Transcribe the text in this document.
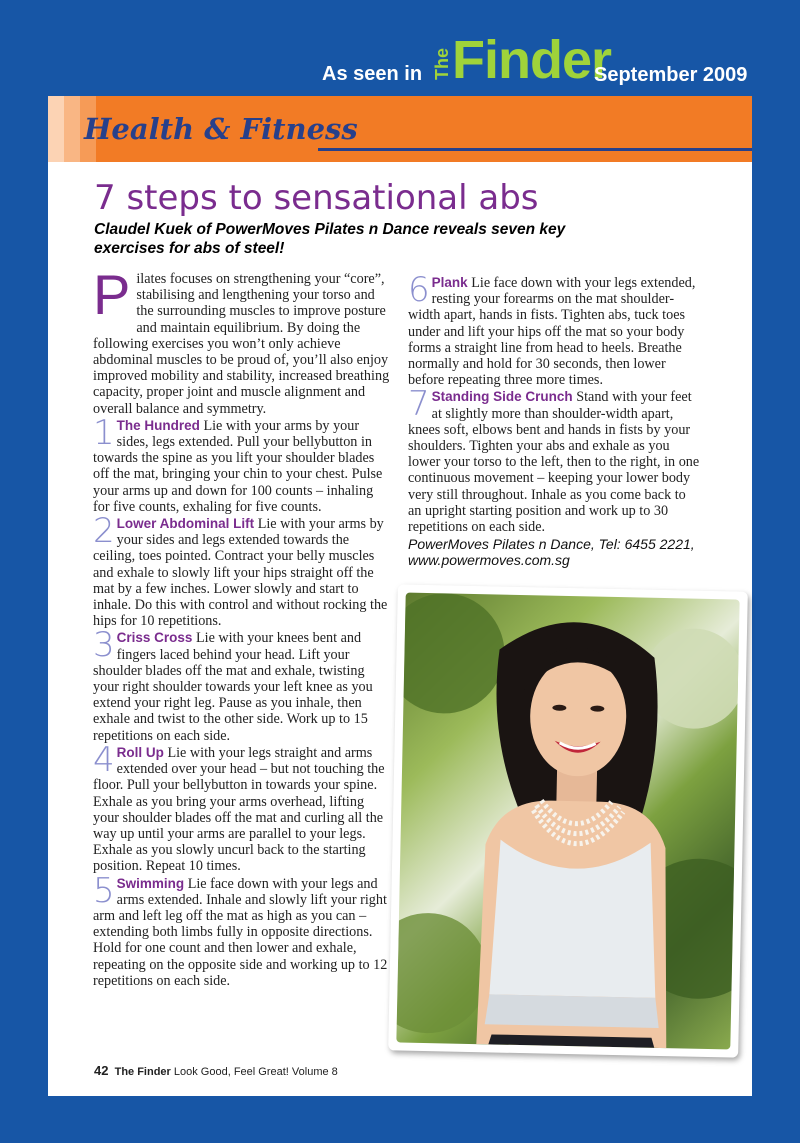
As seen in The Finder
September 2009
Health & Fitness
7 steps to sensational abs
Claudel Kuek of PowerMoves Pilates n Dance reveals seven key exercises for abs of steel!

Pilates focuses on strengthening your “core”, stabilising and lengthening your torso and the surrounding muscles to improve posture and maintain equilibrium. By doing the following exercises you won’t only achieve abdominal muscles to be proud of, you’ll also enjoy improved mobility and stability, increased breathing capacity, proper joint and muscle alignment and overall balance and symmetry.

1 The Hundred Lie with your arms by your sides, legs extended. Pull your bellybutton in towards the spine as you lift your shoulder blades off the mat, bringing your chin to your chest. Pulse your arms up and down for 100 counts – inhaling for five counts, exhaling for five counts.

2 Lower Abdominal Lift Lie with your arms by your sides and legs extended towards the ceiling, toes pointed. Contract your belly muscles and exhale to slowly lift your hips straight off the mat by a few inches. Lower slowly and start to inhale. Do this with control and without rocking the hips for 10 repetitions.

3 Criss Cross Lie with your knees bent and fingers laced behind your head. Lift your shoulder blades off the mat and exhale, twisting your right shoulder towards your left knee as you extend your right leg. Pause as you inhale, then exhale and twist to the other side. Work up to 15 repetitions on each side.

4 Roll Up Lie with your legs straight and arms extended over your head – but not touching the floor. Pull your bellybutton in towards your spine. Exhale as you bring your arms overhead, lifting your shoulder blades off the mat and curling all the way up until your arms are parallel to your legs. Exhale as you slowly uncurl back to the starting position. Repeat 10 times.

5 Swimming Lie face down with your legs and arms extended. Inhale and slowly lift your right arm and left leg off the mat as high as you can – extending both limbs fully in opposite directions. Hold for one count and then lower and exhale, repeating on the opposite side and working up to 12 repetitions on each side.

6 Plank Lie face down with your legs extended, resting your forearms on the mat shoulder-width apart, hands in fists. Tighten abs, tuck toes under and lift your hips off the mat so your body forms a straight line from head to heels. Breathe normally and hold for 30 seconds, then lower before repeating three more times.

7 Standing Side Crunch Stand with your feet at slightly more than shoulder-width apart, knees soft, elbows bent and hands in fists by your shoulders. Tighten your abs and exhale as you lower your torso to the left, then to the right, in one continuous movement – keeping your lower body very still throughout. Inhale as you come back to an upright starting position and work up to 30 repetitions on each side.

PowerMoves Pilates n Dance, Tel: 6455 2221, www.powermoves.com.sg

42 The Finder Look Good, Feel Great! Volume 8
